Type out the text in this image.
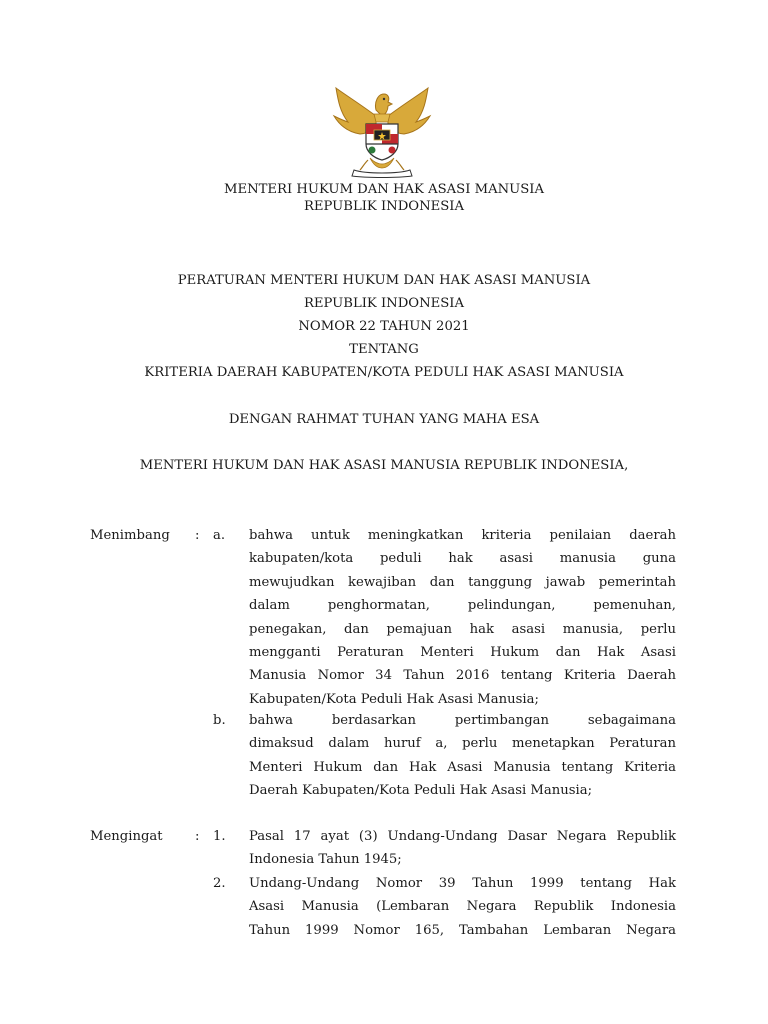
MENTERI HUKUM DAN HAK ASASI MANUSIA
REPUBLIK INDONESIA
PERATURAN MENTERI HUKUM DAN HAK ASASI MANUSIA
REPUBLIK INDONESIA
NOMOR 22 TAHUN 2021
TENTANG
KRITERIA DAERAH KABUPATEN/KOTA PEDULI HAK ASASI MANUSIA
DENGAN RAHMAT TUHAN YANG MAHA ESA
MENTERI HUKUM DAN HAK ASASI MANUSIA REPUBLIK INDONESIA,
Menimbang : a. bahwa untuk meningkatkan kriteria penilaian daerah
kabupaten/kota peduli hak asasi manusia guna
mewujudkan kewajiban dan tanggung jawab pemerintah
dalam penghormatan, pelindungan, pemenuhan,
penegakan, dan pemajuan hak asasi manusia, perlu
mengganti Peraturan Menteri Hukum dan Hak Asasi
Manusia Nomor 34 Tahun 2016 tentang Kriteria Daerah
Kabupaten/Kota Peduli Hak Asasi Manusia;
b. bahwa berdasarkan pertimbangan sebagaimana
dimaksud dalam huruf a, perlu menetapkan Peraturan
Menteri Hukum dan Hak Asasi Manusia tentang Kriteria
Daerah Kabupaten/Kota Peduli Hak Asasi Manusia;
Mengingat : 1. Pasal 17 ayat (3) Undang-Undang Dasar Negara Republik
Indonesia Tahun 1945;
2. Undang-Undang Nomor 39 Tahun 1999 tentang Hak
Asasi Manusia (Lembaran Negara Republik Indonesia
Tahun 1999 Nomor 165, Tambahan Lembaran Negara
